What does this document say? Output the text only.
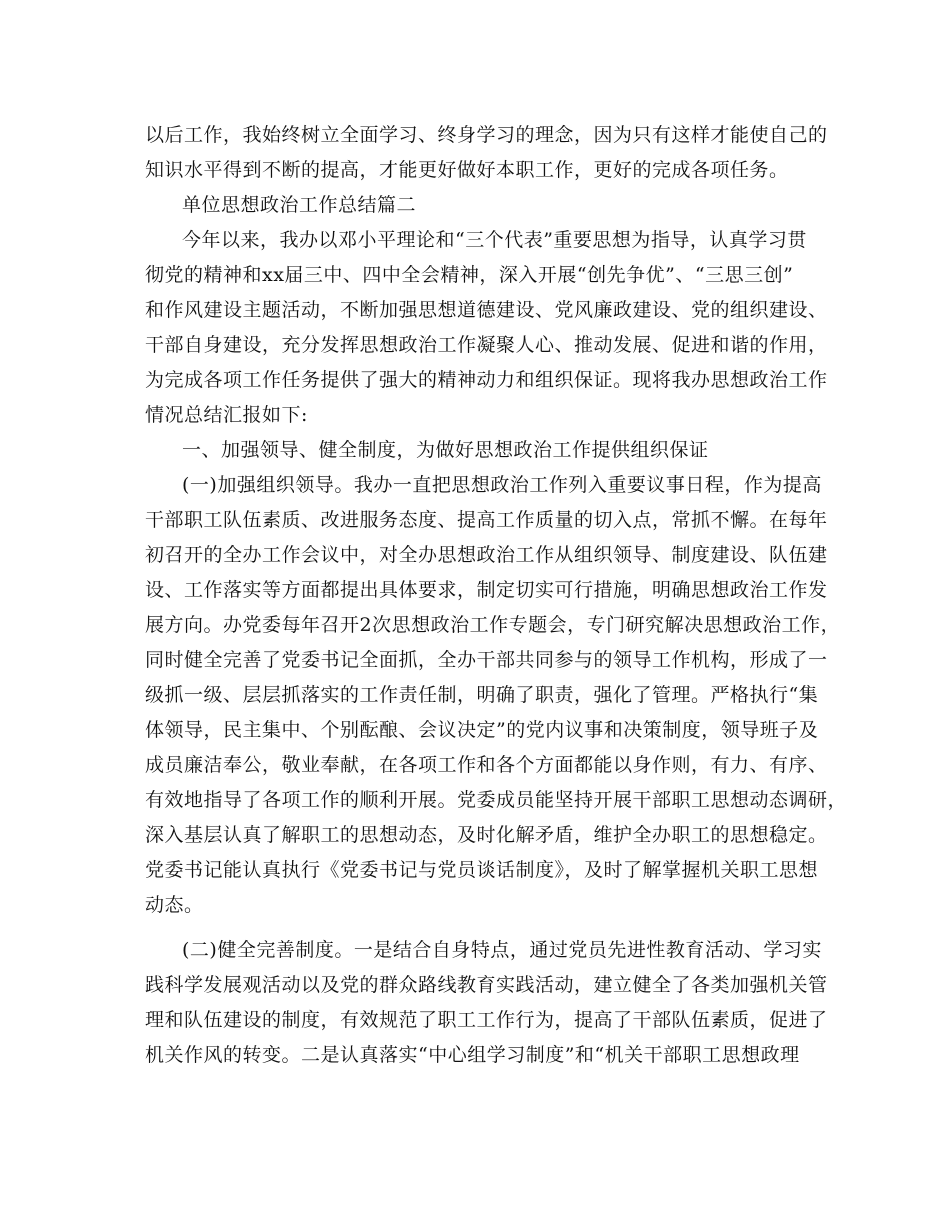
以后工作，我始终树立全面学习、终身学习的理念，因为只有这样才能使自己的
知识水平得到不断的提高，才能更好做好本职工作，更好的完成各项任务。
单位思想政治工作总结篇二
今年以来，我办以邓小平理论和“三个代表”重要思想为指导，认真学习贯
彻党的精神和xx届三中、四中全会精神，深入开展“创先争优”、“三思三创”
和作风建设主题活动，不断加强思想道德建设、党风廉政建设、党的组织建设、
干部自身建设，充分发挥思想政治工作凝聚人心、推动发展、促进和谐的作用，
为完成各项工作任务提供了强大的精神动力和组织保证。现将我办思想政治工作
情况总结汇报如下:
一、加强领导、健全制度，为做好思想政治工作提供组织保证
(一)加强组织领导。我办一直把思想政治工作列入重要议事日程，作为提高
干部职工队伍素质、改进服务态度、提高工作质量的切入点，常抓不懈。在每年
初召开的全办工作会议中，对全办思想政治工作从组织领导、制度建设、队伍建
设、工作落实等方面都提出具体要求，制定切实可行措施，明确思想政治工作发
展方向。办党委每年召开2次思想政治工作专题会，专门研究解决思想政治工作，
同时健全完善了党委书记全面抓，全办干部共同参与的领导工作机构，形成了一
级抓一级、层层抓落实的工作责任制，明确了职责，强化了管理。严格执行“集
体领导，民主集中、个别酝酿、会议决定”的党内议事和决策制度，领导班子及
成员廉洁奉公，敬业奉献，在各项工作和各个方面都能以身作则，有力、有序、
有效地指导了各项工作的顺利开展。党委成员能坚持开展干部职工思想动态调研，
深入基层认真了解职工的思想动态，及时化解矛盾，维护全办职工的思想稳定。
党委书记能认真执行《党委书记与党员谈话制度》，及时了解掌握机关职工思想
动态。
(二)健全完善制度。一是结合自身特点，通过党员先进性教育活动、学习实
践科学发展观活动以及党的群众路线教育实践活动，建立健全了各类加强机关管
理和队伍建设的制度，有效规范了职工工作行为，提高了干部队伍素质，促进了
机关作风的转变。二是认真落实“中心组学习制度”和“机关干部职工思想政理
